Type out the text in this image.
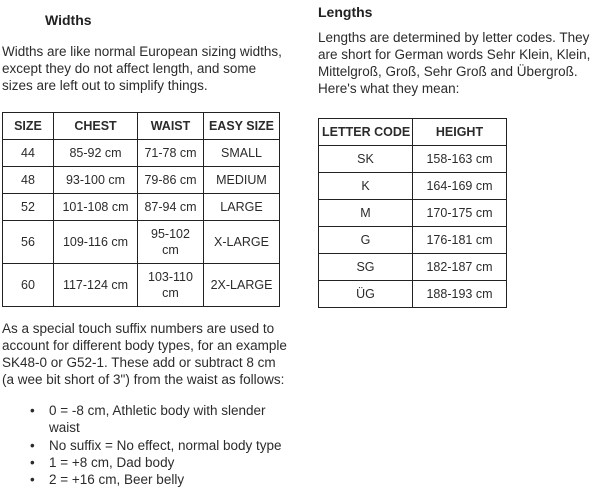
Widths

Widths are like normal European sizing widths, except they do not affect length, and some sizes are left out to simplify things.

SIZE	CHEST	WAIST	EASY SIZE
44	85-92 cm	71-78 cm	SMALL
48	93-100 cm	79-86 cm	MEDIUM
52	101-108 cm	87-94 cm	LARGE
56	109-116 cm	95-102 cm	X-LARGE
60	117-124 cm	103-110 cm	2X-LARGE

As a special touch suffix numbers are used to account for different body types, for an example SK48-0 or G52-1. These add or subtract 8 cm (a wee bit short of 3") from the waist as follows:

• 0 = -8 cm, Athletic body with slender waist
• No suffix = No effect, normal body type
• 1 = +8 cm, Dad body
• 2 = +16 cm, Beer belly
Lengths

Lengths are determined by letter codes. They are short for German words Sehr Klein, Klein, Mittelgroß, Groß, Sehr Groß and Übergroß. Here's what they mean:

LETTER CODE	HEIGHT
SK	158-163 cm
K	164-169 cm
M	170-175 cm
G	176-181 cm
SG	182-187 cm
ÜG	188-193 cm
